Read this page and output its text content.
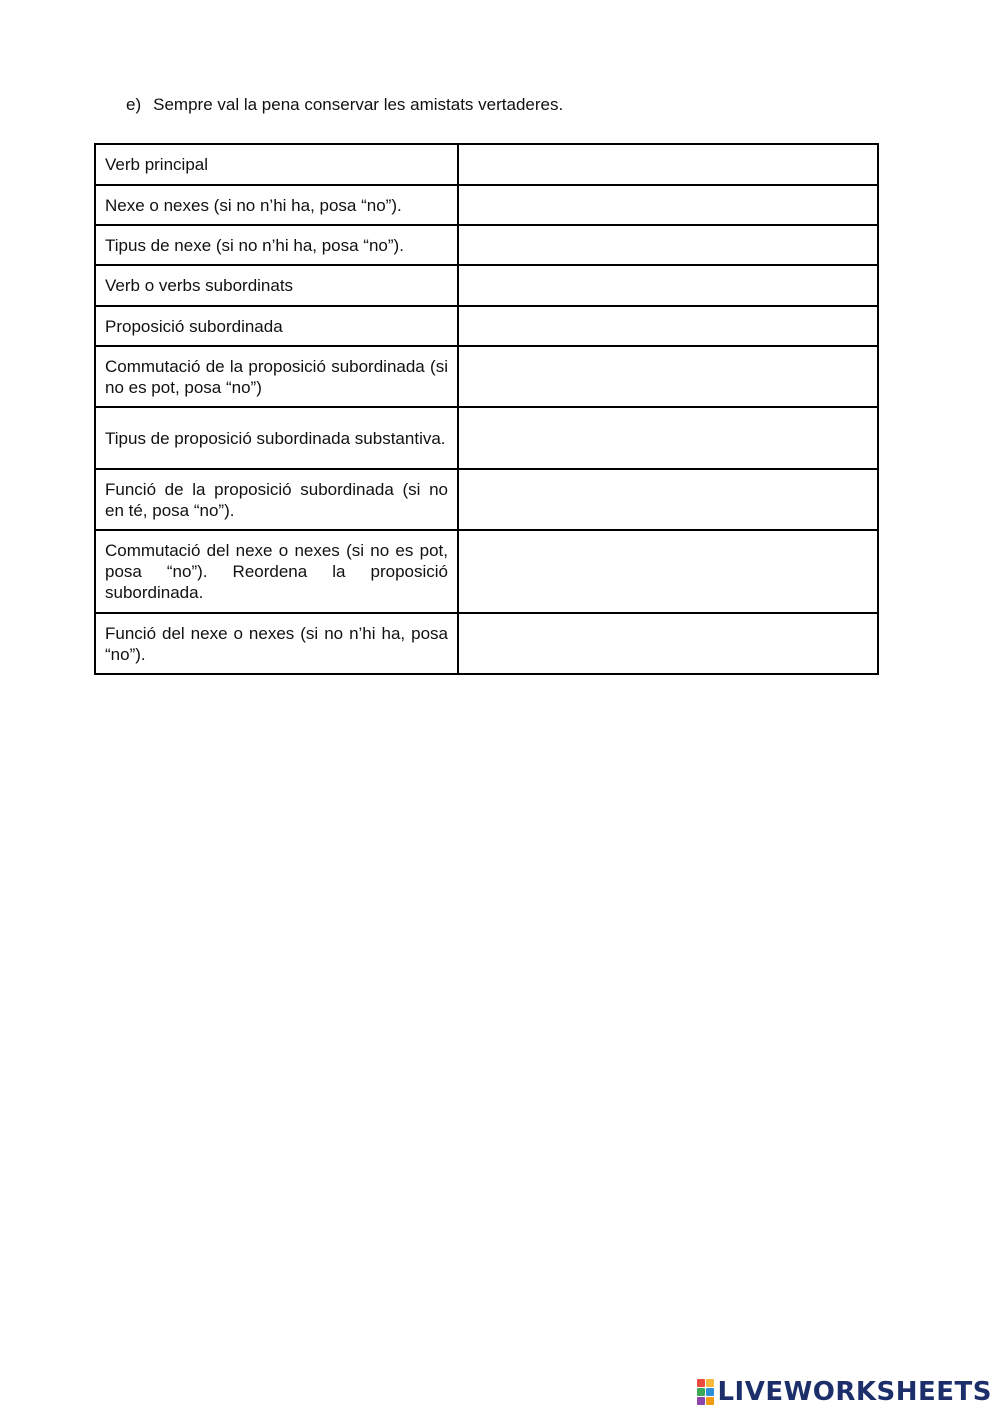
e) Sempre val la pena conservar les amistats vertaderes.
Verb principal	
Nexe o nexes (si no n’hi ha, posa “no”).	
Tipus de nexe (si no n’hi ha, posa “no”).	
Verb o verbs subordinats	
Proposició subordinada	
Commutació de la proposició subordinada (si no es pot, posa “no”)	
Tipus de proposició subordinada substantiva.	
Funció de la proposició subordinada (si no en té, posa “no”).	
Commutació del nexe o nexes (si no es pot, posa “no”). Reordena la proposició subordinada.	
Funció del nexe o nexes (si no n’hi ha, posa “no”).	
LIVEWORKSHEETS
